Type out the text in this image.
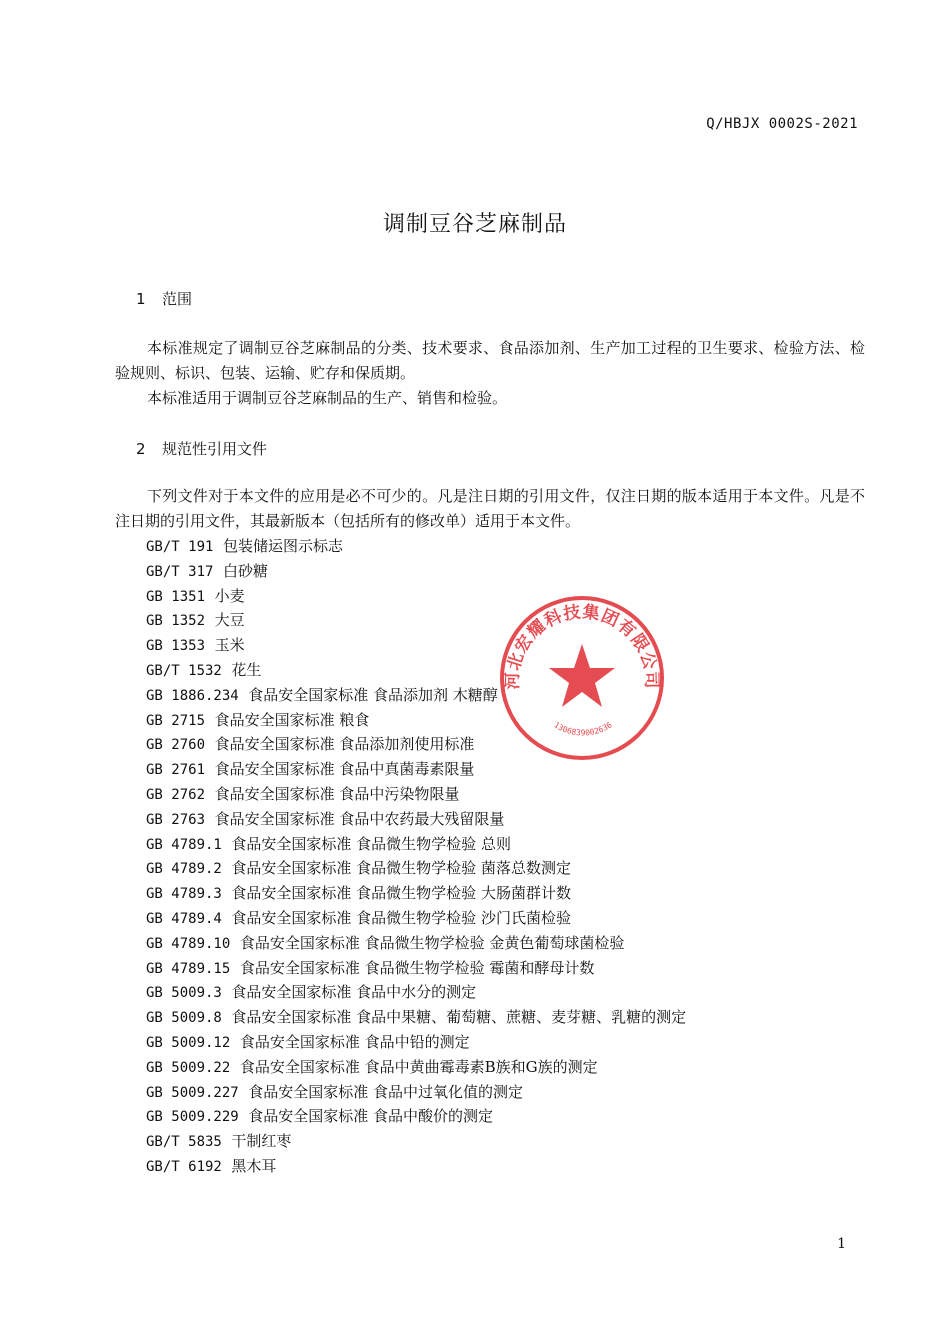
Q/HBJX 0002S-2021
调制豆谷芝麻制品
1 范围
本标准规定了调制豆谷芝麻制品的分类、技术要求、食品添加剂、生产加工过程的卫生要求、检验方法、检验规则、标识、包装、运输、贮存和保质期。
本标准适用于调制豆谷芝麻制品的生产、销售和检验。
2 规范性引用文件
下列文件对于本文件的应用是必不可少的。凡是注日期的引用文件，仅注日期的版本适用于本文件。凡是不注日期的引用文件，其最新版本（包括所有的修改单）适用于本文件。
GB/T 191 包装储运图示标志
GB/T 317 白砂糖
GB 1351 小麦
GB 1352 大豆
GB 1353 玉米
GB/T 1532 花生
GB 1886.234 食品安全国家标准 食品添加剂 木糖醇
GB 2715 食品安全国家标准 粮食
GB 2760 食品安全国家标准 食品添加剂使用标准
GB 2761 食品安全国家标准 食品中真菌毒素限量
GB 2762 食品安全国家标准 食品中污染物限量
GB 2763 食品安全国家标准 食品中农药最大残留限量
GB 4789.1 食品安全国家标准 食品微生物学检验 总则
GB 4789.2 食品安全国家标准 食品微生物学检验 菌落总数测定
GB 4789.3 食品安全国家标准 食品微生物学检验 大肠菌群计数
GB 4789.4 食品安全国家标准 食品微生物学检验 沙门氏菌检验
GB 4789.10 食品安全国家标准 食品微生物学检验 金黄色葡萄球菌检验
GB 4789.15 食品安全国家标准 食品微生物学检验 霉菌和酵母计数
GB 5009.3 食品安全国家标准 食品中水分的测定
GB 5009.8 食品安全国家标准 食品中果糖、葡萄糖、蔗糖、麦芽糖、乳糖的测定
GB 5009.12 食品安全国家标准 食品中铅的测定
GB 5009.22 食品安全国家标准 食品中黄曲霉毒素B族和G族的测定
GB 5009.227 食品安全国家标准 食品中过氧化值的测定
GB 5009.229 食品安全国家标准 食品中酸价的测定
GB/T 5835 干制红枣
GB/T 6192 黑木耳
河北宏耀科技集团有限公司
1306839002636
1
